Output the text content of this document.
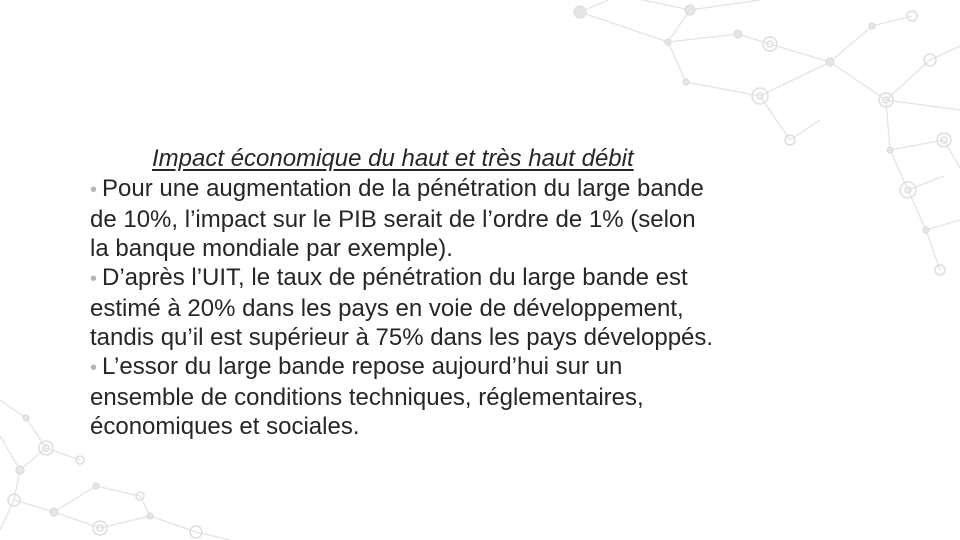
Impact économique du haut et très haut débit
• Pour une augmentation de la pénétration du large bande
de 10%, l’impact sur le PIB serait de l’ordre de 1% (selon
la banque mondiale par exemple).
• D’après l’UIT, le taux de pénétration du large bande est
estimé à 20% dans les pays en voie de développement,
tandis qu’il est supérieur à 75% dans les pays développés.
• L’essor du large bande repose aujourd’hui sur un
ensemble de conditions techniques, réglementaires,
économiques et sociales.
